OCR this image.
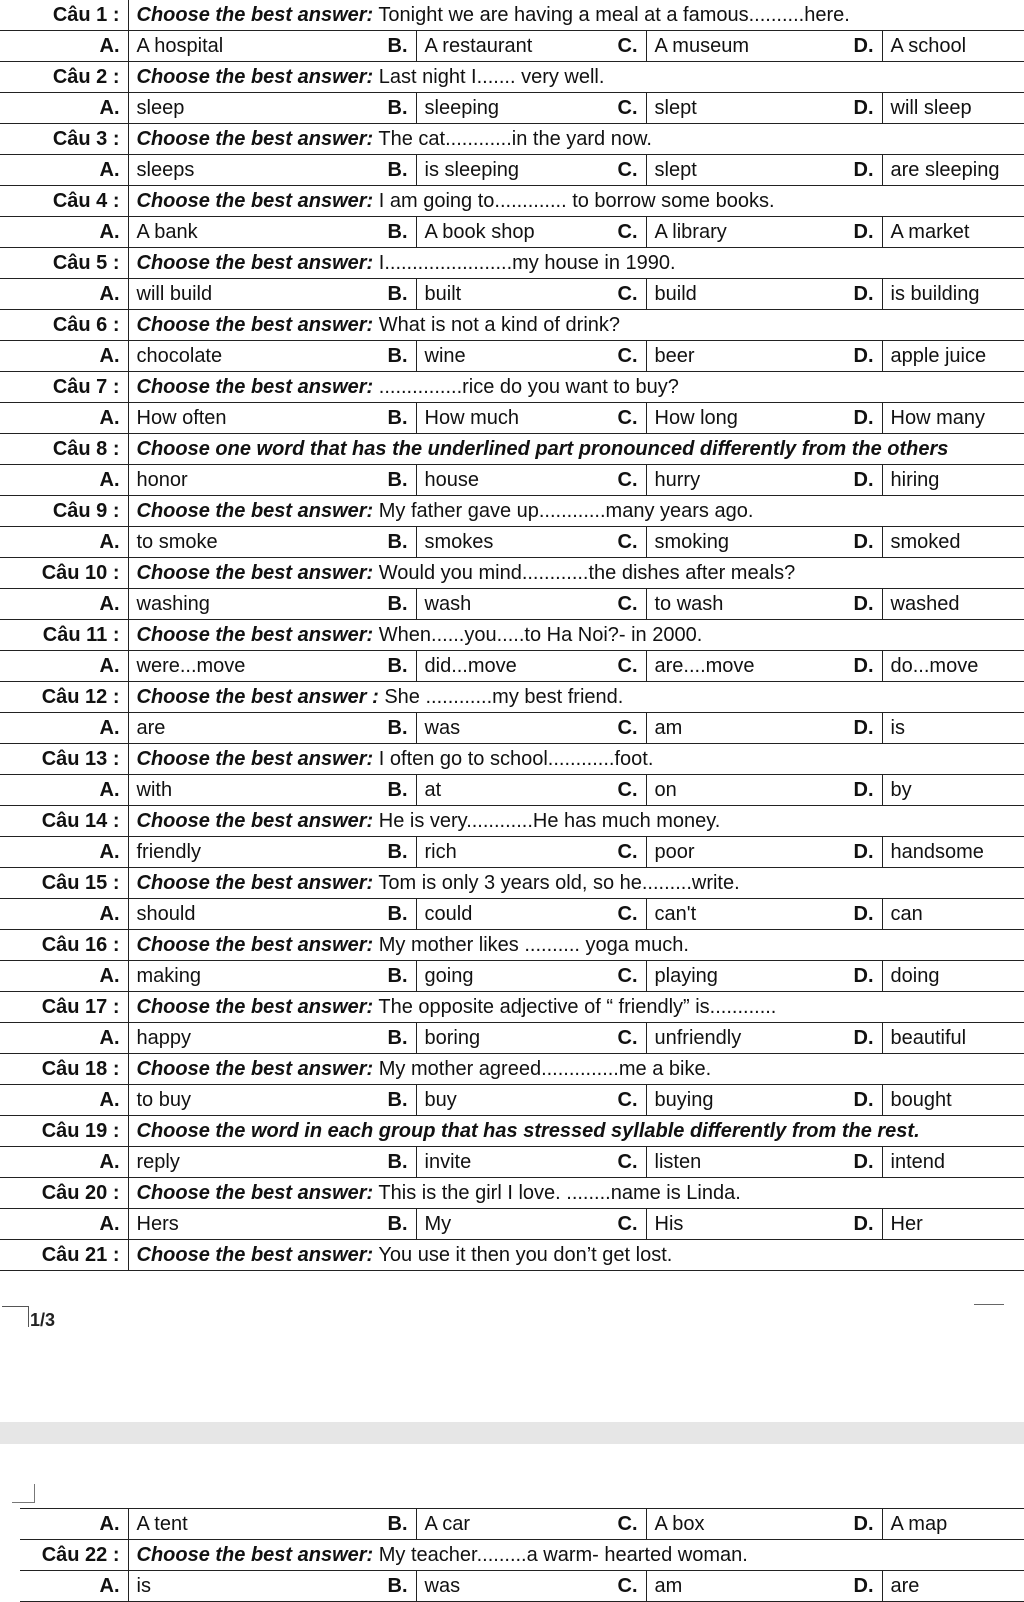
Câu 1 :	Choose the best answer: Tonight we are having a meal at a famous..........here.						
A.	A hospital	B.	A restaurant	C.	A museum	D.	A school
Câu 2 :	Choose the best answer: Last night I....... very well.						
A.	sleep	B.	sleeping	C.	slept	D.	will sleep
Câu 3 :	Choose the best answer: The cat............in the yard now.						
A.	sleeps	B.	is sleeping	C.	slept	D.	are sleeping
Câu 4 :	Choose the best answer: I am going to............. to borrow some books.						
A.	A bank	B.	A book shop	C.	A library	D.	A market
Câu 5 :	Choose the best answer: I.......................my house in 1990.						
A.	will build	B.	built	C.	build	D.	is building
Câu 6 :	Choose the best answer: What is not a kind of drink?						
A.	chocolate	B.	wine	C.	beer	D.	apple juice
Câu 7 :	Choose the best answer: ...............rice do you want to buy?						
A.	How often	B.	How much	C.	How long	D.	How many
Câu 8 :	Choose one word that has the underlined part pronounced differently from the others						
A.	honor	B.	house	C.	hurry	D.	hiring
Câu 9 :	Choose the best answer: My father gave up............many years ago.						
A.	to smoke	B.	smokes	C.	smoking	D.	smoked
Câu 10 :	Choose the best answer: Would you mind............the dishes after meals?						
A.	washing	B.	wash	C.	to wash	D.	washed
Câu 11 :	Choose the best answer: When......you.....to Ha Noi?- in 2000.						
A.	were...move	B.	did...move	C.	are....move	D.	do...move
Câu 12 :	Choose the best answer : She ............my best friend.						
A.	are	B.	was	C.	am	D.	is
Câu 13 :	Choose the best answer: I often go to school............foot.						
A.	with	B.	at	C.	on	D.	by
Câu 14 :	Choose the best answer: He is very............He has much money.						
A.	friendly	B.	rich	C.	poor	D.	handsome
Câu 15 :	Choose the best answer: Tom is only 3 years old, so he.........write.						
A.	should	B.	could	C.	can't	D.	can
Câu 16 :	Choose the best answer: My mother likes .......... yoga much.						
A.	making	B.	going	C.	playing	D.	doing
Câu 17 :	Choose the best answer: The opposite adjective of “ friendly” is............						
A.	happy	B.	boring	C.	unfriendly	D.	beautiful
Câu 18 :	Choose the best answer: My mother agreed..............me a bike.						
A.	to buy	B.	buy	C.	buying	D.	bought
Câu 19 :	Choose the word in each group that has stressed syllable differently from the rest.						
A.	reply	B.	invite	C.	listen	D.	intend
Câu 20 :	Choose the best answer: This is the girl I love. ........name is Linda.						
A.	Hers	B.	My	C.	His	D.	Her
Câu 21 :	Choose the best answer: You use it then you don’t get lost.						
1/3
A.	A tent	B.	A car	C.	A box	D.	A map
Câu 22 :	Choose the best answer: My teacher.........a warm- hearted woman.						
A.	is	B.	was	C.	am	D.	are
